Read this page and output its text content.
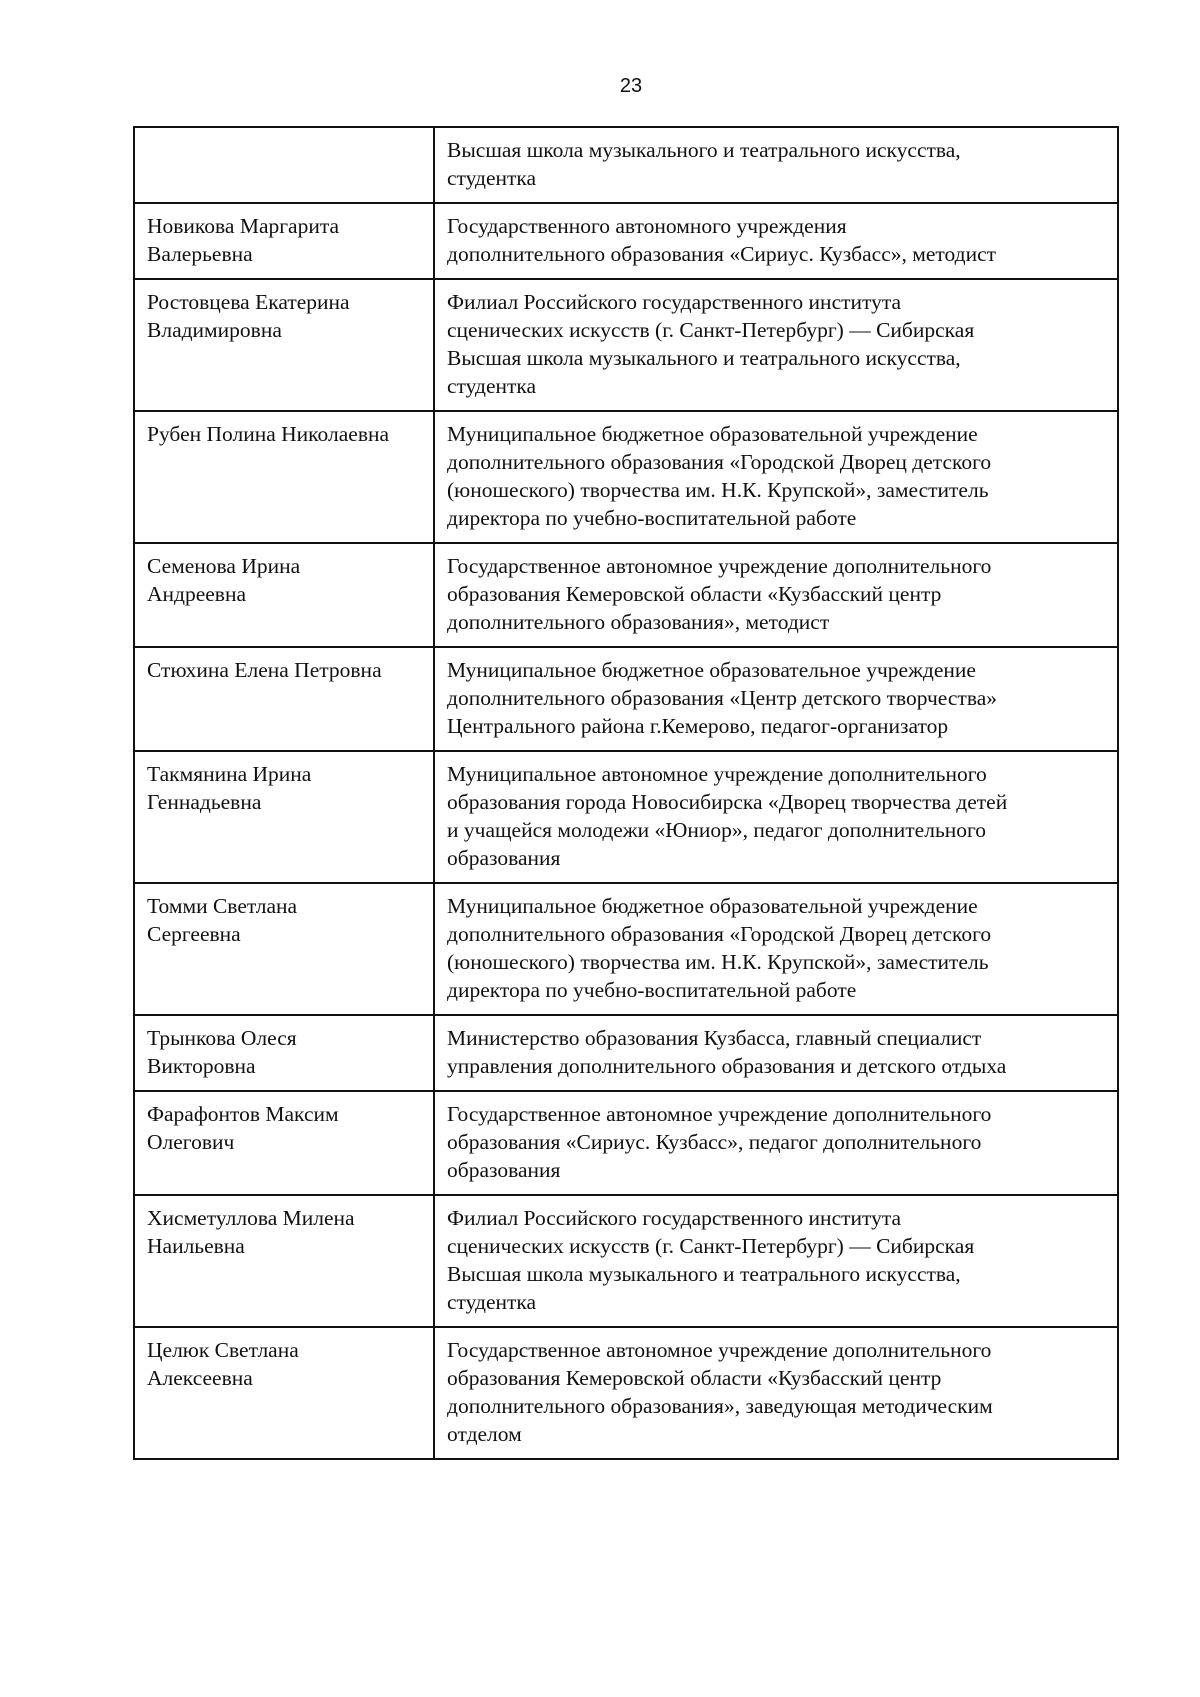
23
	Высшая школа музыкального и театрального искусства,
студентка
Новикова Маргарита
Валерьевна	Государственного автономного учреждения
дополнительного образования «Сириус. Кузбасс», методист
Ростовцева Екатерина
Владимировна	Филиал Российского государственного института
сценических искусств (г. Санкт-Петербург) — Сибирская
Высшая школа музыкального и театрального искусства,
студентка
Рубен Полина Николаевна	Муниципальное бюджетное образовательной учреждение
дополнительного образования «Городской Дворец детского
(юношеского) творчества им. Н.К. Крупской», заместитель
директора по учебно-воспитательной работе
Семенова Ирина
Андреевна	Государственное автономное учреждение дополнительного
образования Кемеровской области «Кузбасский центр
дополнительного образования», методист
Стюхина Елена Петровна	Муниципальное бюджетное образовательное учреждение
дополнительного образования «Центр детского творчества»
Центрального района г.Кемерово, педагог-организатор
Такмянина Ирина
Геннадьевна	Муниципальное автономное учреждение дополнительного
образования города Новосибирска «Дворец творчества детей
и учащейся молодежи «Юниор», педагог дополнительного
образования
Томми Светлана
Сергеевна	Муниципальное бюджетное образовательной учреждение
дополнительного образования «Городской Дворец детского
(юношеского) творчества им. Н.К. Крупской», заместитель
директора по учебно-воспитательной работе
Трынкова Олеся
Викторовна	Министерство образования Кузбасса, главный специалист
управления дополнительного образования и детского отдыха
Фарафонтов Максим
Олегович	Государственное автономное учреждение дополнительного
образования «Сириус. Кузбасс», педагог дополнительного
образования
Хисметуллова Милена
Наильевна	Филиал Российского государственного института
сценических искусств (г. Санкт-Петербург) — Сибирская
Высшая школа музыкального и театрального искусства,
студентка
Целюк Светлана
Алексеевна	Государственное автономное учреждение дополнительного
образования Кемеровской области «Кузбасский центр
дополнительного образования», заведующая методическим
отделом
